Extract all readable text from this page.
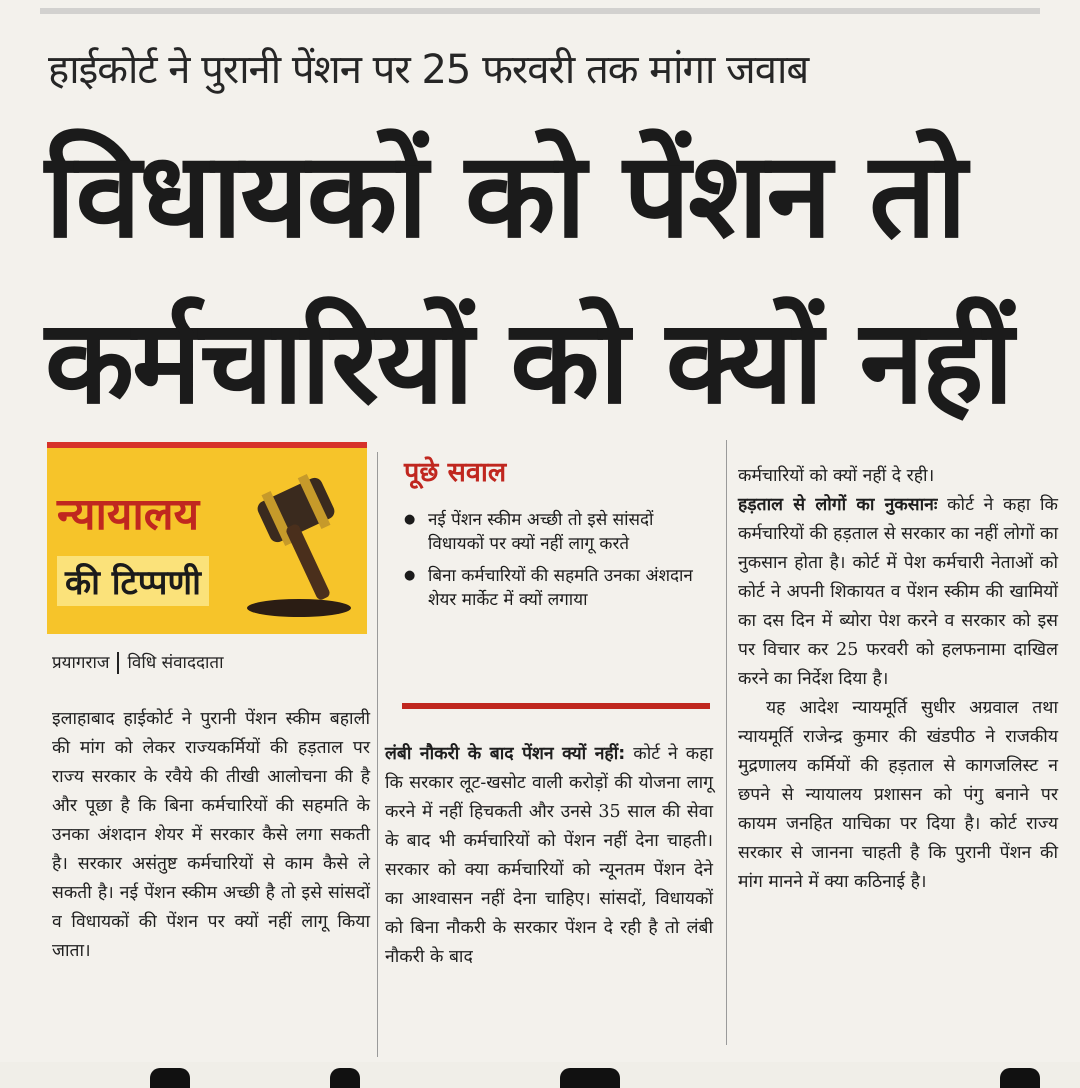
हाईकोर्ट ने पुरानी पेंशन पर 25 फरवरी तक मांगा जवाब
विधायकों को पेंशन तो
कर्मचारियों को क्यों नहीं
न्यायालय
की टिप्पणी
प्रयागराज विधि संवाददाता

इलाहाबाद हाईकोर्ट ने पुरानी पेंशन स्कीम बहाली की मांग को लेकर राज्यकर्मियों की हड़ताल पर राज्य सरकार के रवैये की तीखी आलोचना की है और पूछा है कि बिना कर्मचारियों की सहमति के उनका अंशदान शेयर में सरकार कैसे लगा सकती है। सरकार असंतुष्ट कर्मचारियों से काम कैसे ले सकती है। नई पेंशन स्कीम अच्छी है तो इसे सांसदों व विधायकों की पेंशन पर क्यों नहीं लागू किया जाता।

पूछे सवाल
● नई पेंशन स्कीम अच्छी तो इसे सांसदों विधायकों पर क्यों नहीं लागू करते
● बिना कर्मचारियों की सहमति उनका अंशदान शेयर मार्केट में क्यों लगाया

लंबी नौकरी के बाद पेंशन क्यों नहीं: कोर्ट ने कहा कि सरकार लूट-खसोट वाली करोड़ों की योजना लागू करने में नहीं हिचकती और उनसे 35 साल की सेवा के बाद भी कर्मचारियों को पेंशन नहीं देना चाहती। सरकार को क्या कर्मचारियों को न्यूनतम पेंशन देने का आश्वासन नहीं देना चाहिए। सांसदों, विधायकों को बिना नौकरी के सरकार पेंशन दे रही है तो लंबी नौकरी के बाद

कर्मचारियों को क्यों नहीं दे रही।

हड़ताल से लोगों का नुकसानः कोर्ट ने कहा कि कर्मचारियों की हड़ताल से सरकार का नहीं लोगों का नुकसान होता है। कोर्ट में पेश कर्मचारी नेताओं को कोर्ट ने अपनी शिकायत व पेंशन स्कीम की खामियों का दस दिन में ब्योरा पेश करने व सरकार को इस पर विचार कर 25 फरवरी को हलफनामा दाखिल करने का निर्देश दिया है।

यह आदेश न्यायमूर्ति सुधीर अग्रवाल तथा न्यायमूर्ति राजेन्द्र कुमार की खंडपीठ ने राजकीय मुद्रणालय कर्मियों की हड़ताल से कागजलिस्ट न छपने से न्यायालय प्रशासन को पंगु बनाने पर कायम जनहित याचिका पर दिया है। कोर्ट राज्य सरकार से जानना चाहती है कि पुरानी पेंशन की मांग मानने में क्या कठिनाई है।
